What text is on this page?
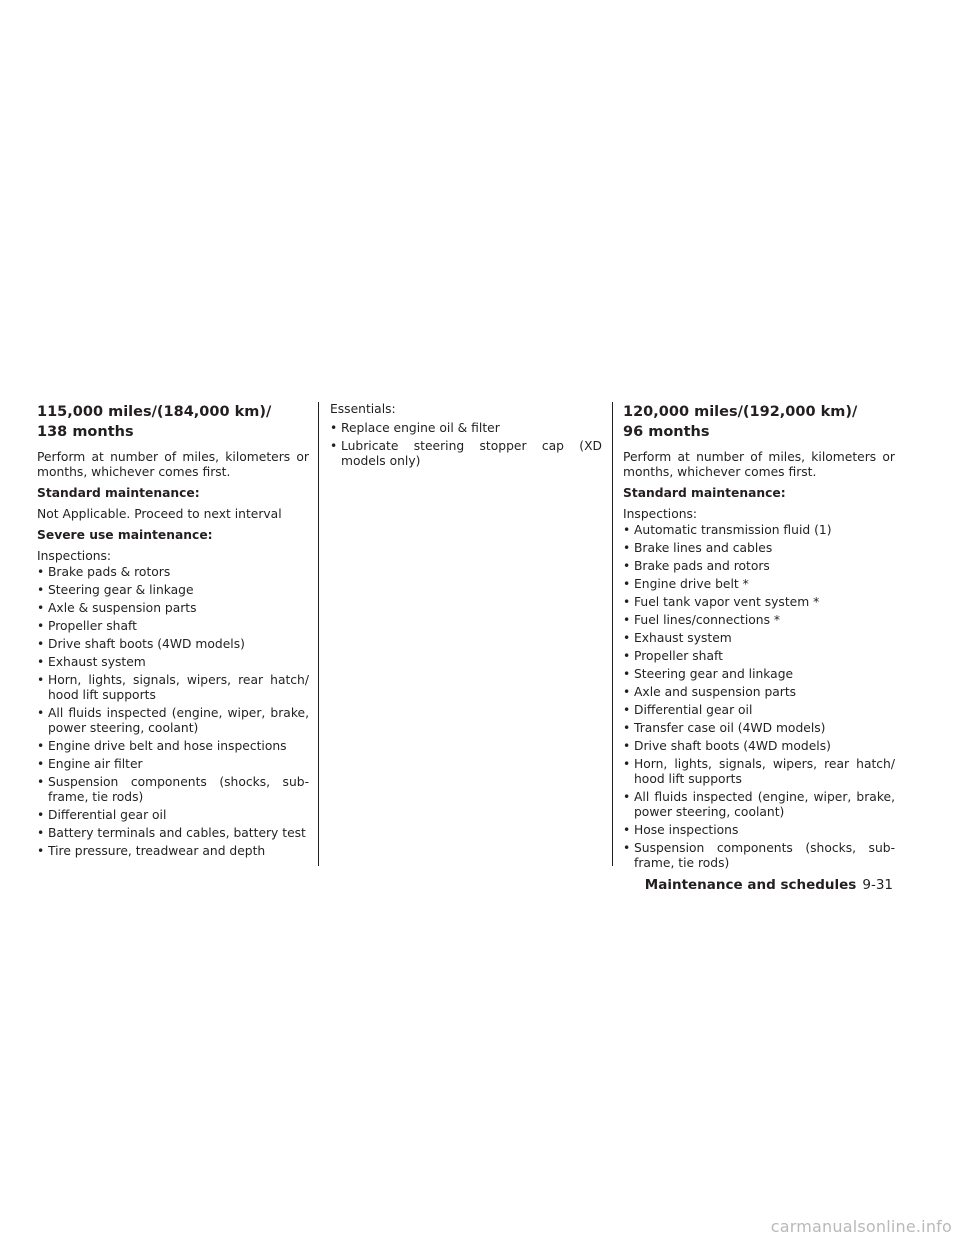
115,000 miles/(184,000 km)/
138 months

Perform at number of miles, kilometers or months, whichever comes first.

Standard maintenance:

Not Applicable. Proceed to next interval

Severe use maintenance:

Inspections:

• Brake pads & rotors
• Steering gear & linkage
• Axle & suspension parts
• Propeller shaft
• Drive shaft boots (4WD models)
• Exhaust system
• Horn, lights, signals, wipers, rear hatch/ hood lift supports
• All fluids inspected (engine, wiper, brake, power steering, coolant)
• Engine drive belt and hose inspections
• Engine air filter
• Suspension components (shocks, sub-frame, tie rods)
• Differential gear oil
• Battery terminals and cables, battery test
• Tire pressure, treadwear and depth

Essentials:

• Replace engine oil & filter
• Lubricate steering stopper cap (XD models only)
120,000 miles/(192,000 km)/
96 months

Perform at number of miles, kilometers or months, whichever comes first.

Standard maintenance:

Inspections:

• Automatic transmission fluid (1)
• Brake lines and cables
• Brake pads and rotors
• Engine drive belt *
• Fuel tank vapor vent system *
• Fuel lines/connections *
• Exhaust system
• Propeller shaft
• Steering gear and linkage
• Axle and suspension parts
• Differential gear oil
• Transfer case oil (4WD models)
• Drive shaft boots (4WD models)
• Horn, lights, signals, wipers, rear hatch/ hood lift supports
• All fluids inspected (engine, wiper, brake, power steering, coolant)
• Hose inspections
• Suspension components (shocks, sub-frame, tie rods)
Maintenance and schedules 9-31
carmanualsonline.info
